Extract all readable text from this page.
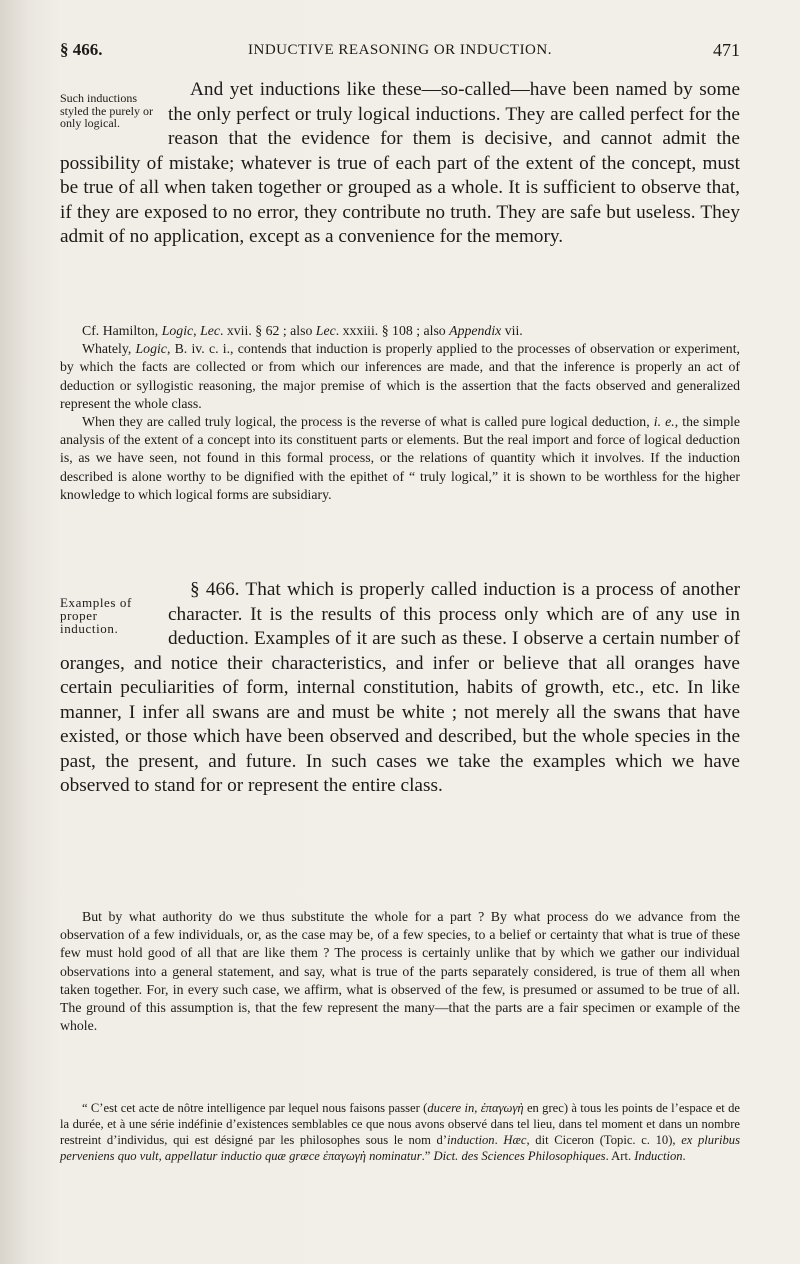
§ 466.	INDUCTIVE REASONING OR INDUCTION.	471
Such inductions styled the purely or only logical.

And yet inductions like these—so-called—have been named by some the only perfect or truly logical inductions. They are called perfect for the reason that the evidence for them is decisive, and cannot admit the possibility of mistake; whatever is true of each part of the extent of the concept, must be true of all when taken together or grouped as a whole. It is sufficient to observe that, if they are exposed to no error, they contribute no truth. They are safe but useless. They admit of no application, except as a convenience for the memory.

Cf. Hamilton, Logic, Lec. xvii. § 62 ; also Lec. xxxiii. § 108 ; also Appendix vii.

Whately, Logic, B. iv. c. i., contends that induction is properly applied to the processes of observation or experiment, by which the facts are collected or from which our inferences are made, and that the inference is properly an act of deduction or syllogistic reasoning, the major premise of which is the assertion that the facts observed and generalized represent the whole class.

When they are called truly logical, the process is the reverse of what is called pure logical deduction, i. e., the simple analysis of the extent of a concept into its constituent parts or elements. But the real import and force of logical deduction is, as we have seen, not found in this formal process, or the relations of quantity which it involves. If the induction described is alone worthy to be dignified with the epithet of “ truly logical,” it is shown to be worthless for the higher knowledge to which logical forms are subsidiary.

Examples of proper induction.

§ 466. That which is properly called induction is a process of another character. It is the results of this process only which are of any use in deduction. Examples of it are such as these. I observe a certain number of oranges, and notice their characteristics, and infer or believe that all oranges have certain peculiarities of form, internal constitution, habits of growth, etc., etc. In like manner, I infer all swans are and must be white ; not merely all the swans that have existed, or those which have been observed and described, but the whole species in the past, the present, and future. In such cases we take the examples which we have observed to stand for or represent the entire class.

But by what authority do we thus substitute the whole for a part ? By what process do we advance from the observation of a few individuals, or, as the case may be, of a few species, to a belief or certainty that what is true of these few must hold good of all that are like them ? The process is certainly unlike that by which we gather our individual observations into a general statement, and say, what is true of the parts separately considered, is true of them all when taken together. For, in every such case, we affirm, what is observed of the few, is presumed or assumed to be true of all. The ground of this assumption is, that the few represent the many—that the parts are a fair specimen or example of the whole.

“ C’est cet acte de nôtre intelligence par lequel nous faisons passer (ducere in, ἐπαγωγὴ en grec) à tous les points de l’espace et de la durée, et à une série indéfinie d’existences semblables ce que nous avons observé dans tel lieu, dans tel moment et dans un nombre restreint d’individus, qui est désigné par les philosophes sous le nom d’induction. Hæc, dit Ciceron (Topic. c. 10), ex pluribus perveniens quo vult, appellatur inductio quæ græce ἐπαγωγὴ nominatur.” Dict. des Sciences Philosophiques. Art. Induction.
